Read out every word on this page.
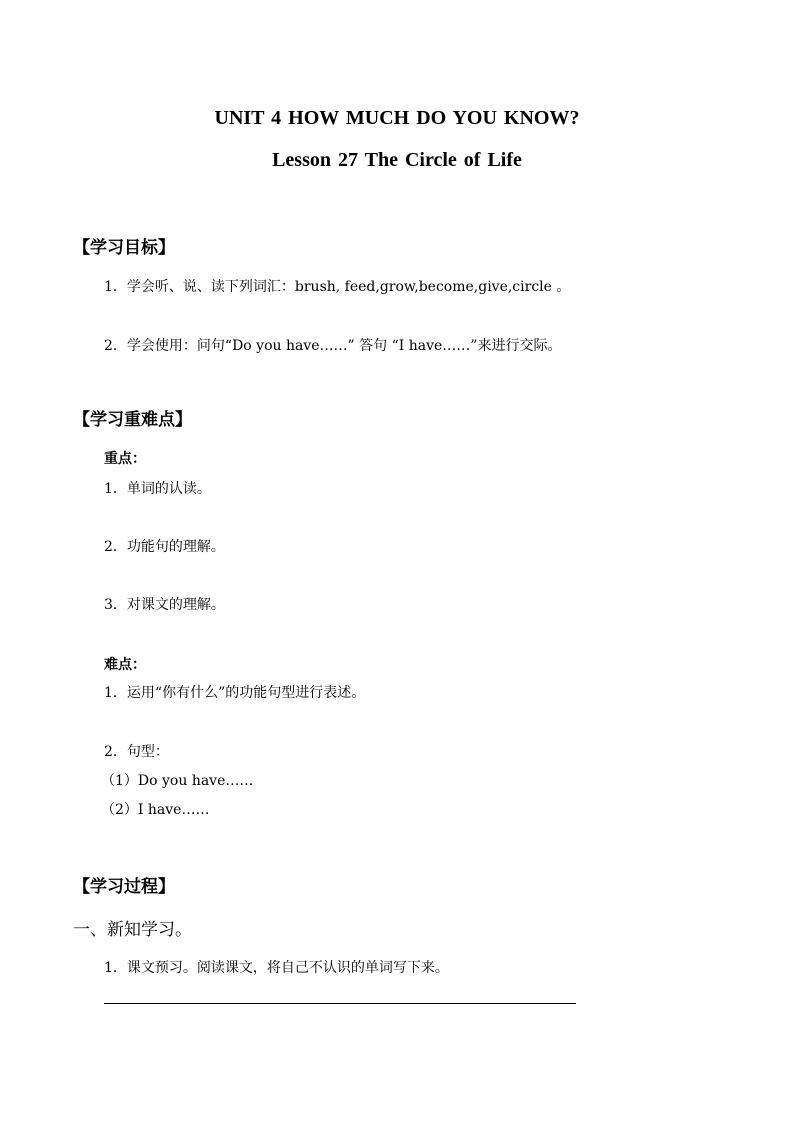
UNIT 4 HOW MUCH DO YOU KNOW?
Lesson 27 The Circle of Life
【学习目标】
1．学会听、说、读下列词汇：brush, feed,grow,become,give,circle 。
2．学会使用：问句“Do you have……” 答句 “I have……”来进行交际。
【学习重难点】
重点：
1．单词的认读。
2．功能句的理解。
3．对课文的理解。
难点：
1．运用“你有什么”的功能句型进行表述。
2．句型：
（1）Do you have……
（2）I have……
【学习过程】
一、新知学习。
1．课文预习。阅读课文，将自己不认识的单词写下来。
